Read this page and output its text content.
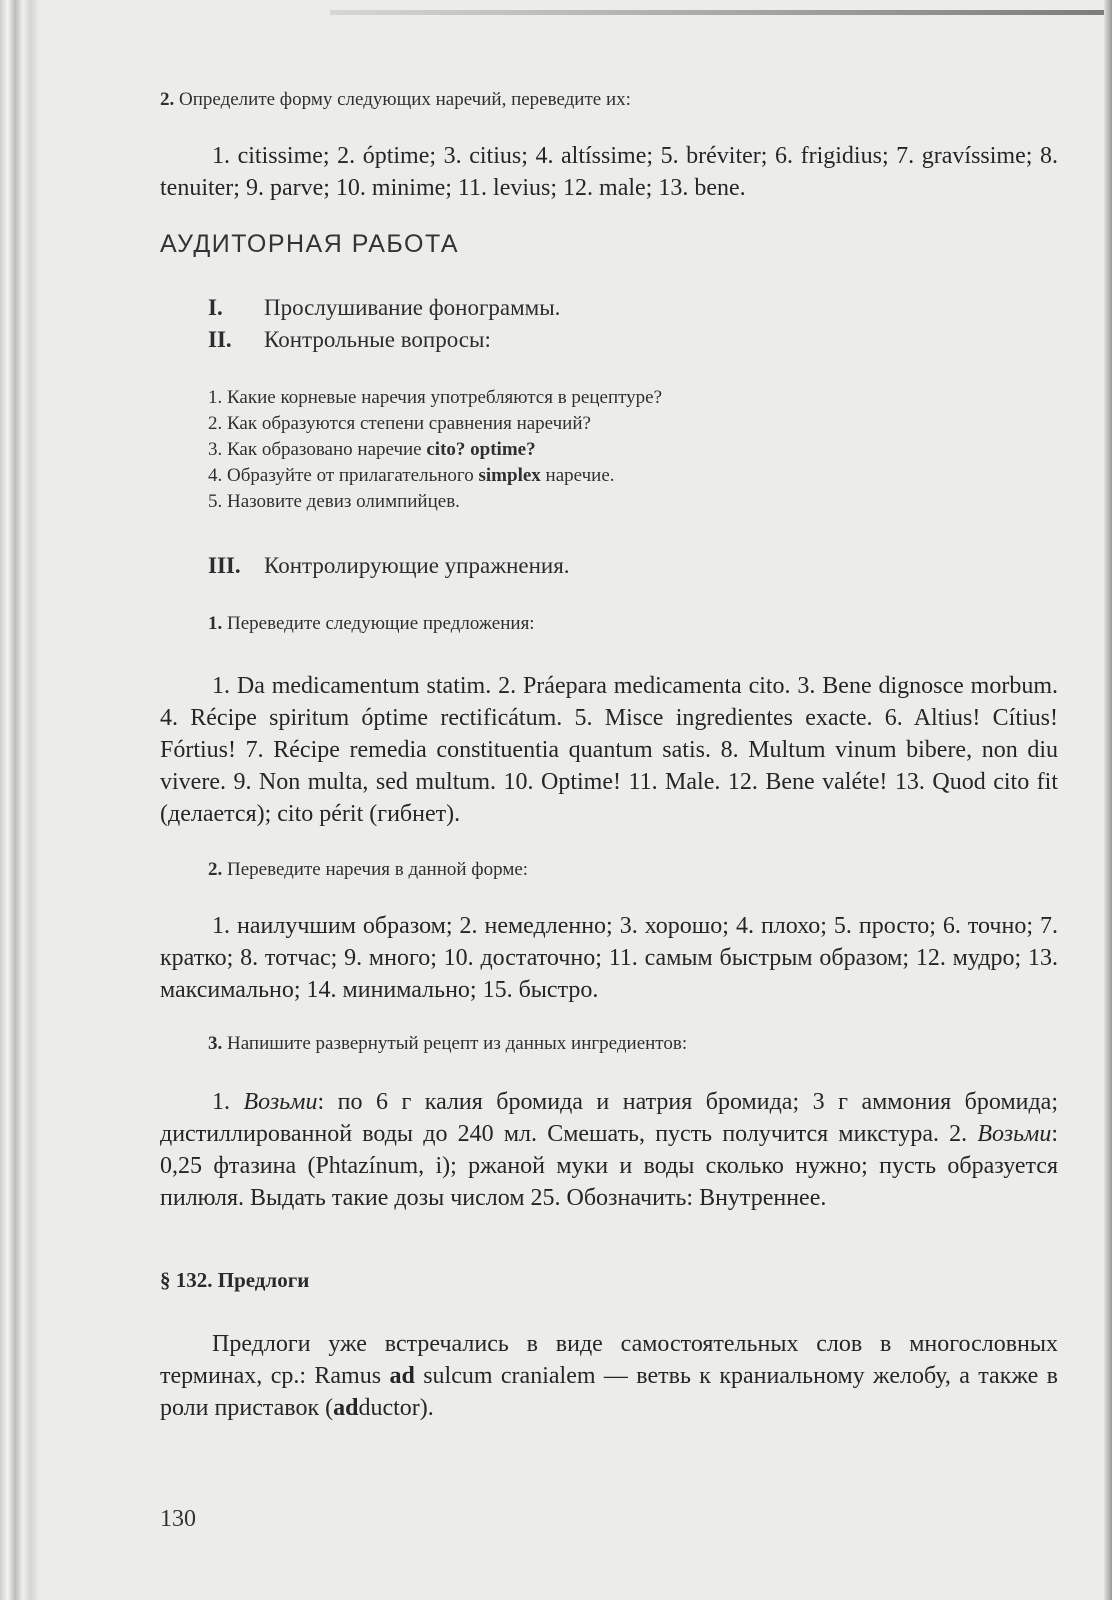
2. Определите форму следующих наречий, переведите их:

1. citissime; 2. óptime; 3. citius; 4. altíssime; 5. bréviter; 6. frigidius; 7. gravíssime; 8. tenuiter; 9. parve; 10. minime; 11. levius; 12. male; 13. bene.

АУДИТОРНАЯ РАБОТА
I. Прослушивание фонограммы.
II. Контрольные вопросы:
1. Какие корневые наречия употребляются в рецептуре?
2. Как образуются степени сравнения наречий?
3. Как образовано наречие cito? optime?
4. Образуйте от прилагательного simplex наречие.
5. Назовите девиз олимпийцев.
III. Контролирующие упражнения.

1. Переведите следующие предложения:

1. Da medicamentum statim. 2. Práepara medicamenta cito. 3. Bene dignosce morbum. 4. Récipe spiritum óptime rectificátum. 5. Misce ingredientes exacte. 6. Altius! Cítius! Fórtius! 7. Récipe remedia constituentia quantum satis. 8. Multum vinum bibere, non diu vivere. 9. Non multa, sed multum. 10. Optime! 11. Male. 12. Bene valéte! 13. Quod cito fit (делается); cito périt (гибнет).

2. Переведите наречия в данной форме:

1. наилучшим образом; 2. немедленно; 3. хорошо; 4. плохо; 5. просто; 6. точно; 7. кратко; 8. тотчас; 9. много; 10. достаточно; 11. самым быстрым образом; 12. мудро; 13. максимально; 14. минимально; 15. быстро.

3. Напишите развернутый рецепт из данных ингредиентов:

1. Возьми: по 6 г калия бромида и натрия бромида; 3 г аммония бромида; дистиллированной воды до 240 мл. Смешать, пусть получится микстура. 2. Возьми: 0,25 фтазина (Phtazínum, i); ржаной муки и воды сколько нужно; пусть образуется пилюля. Выдать такие дозы числом 25. Обозначить: Внутреннее.

§ 132. Предлоги

Предлоги уже встречались в виде самостоятельных слов в многословных терминах, ср.: Ramus ad sulcum cranialem — ветвь к краниальному желобу, а также в роли приставок (adductor).

130
